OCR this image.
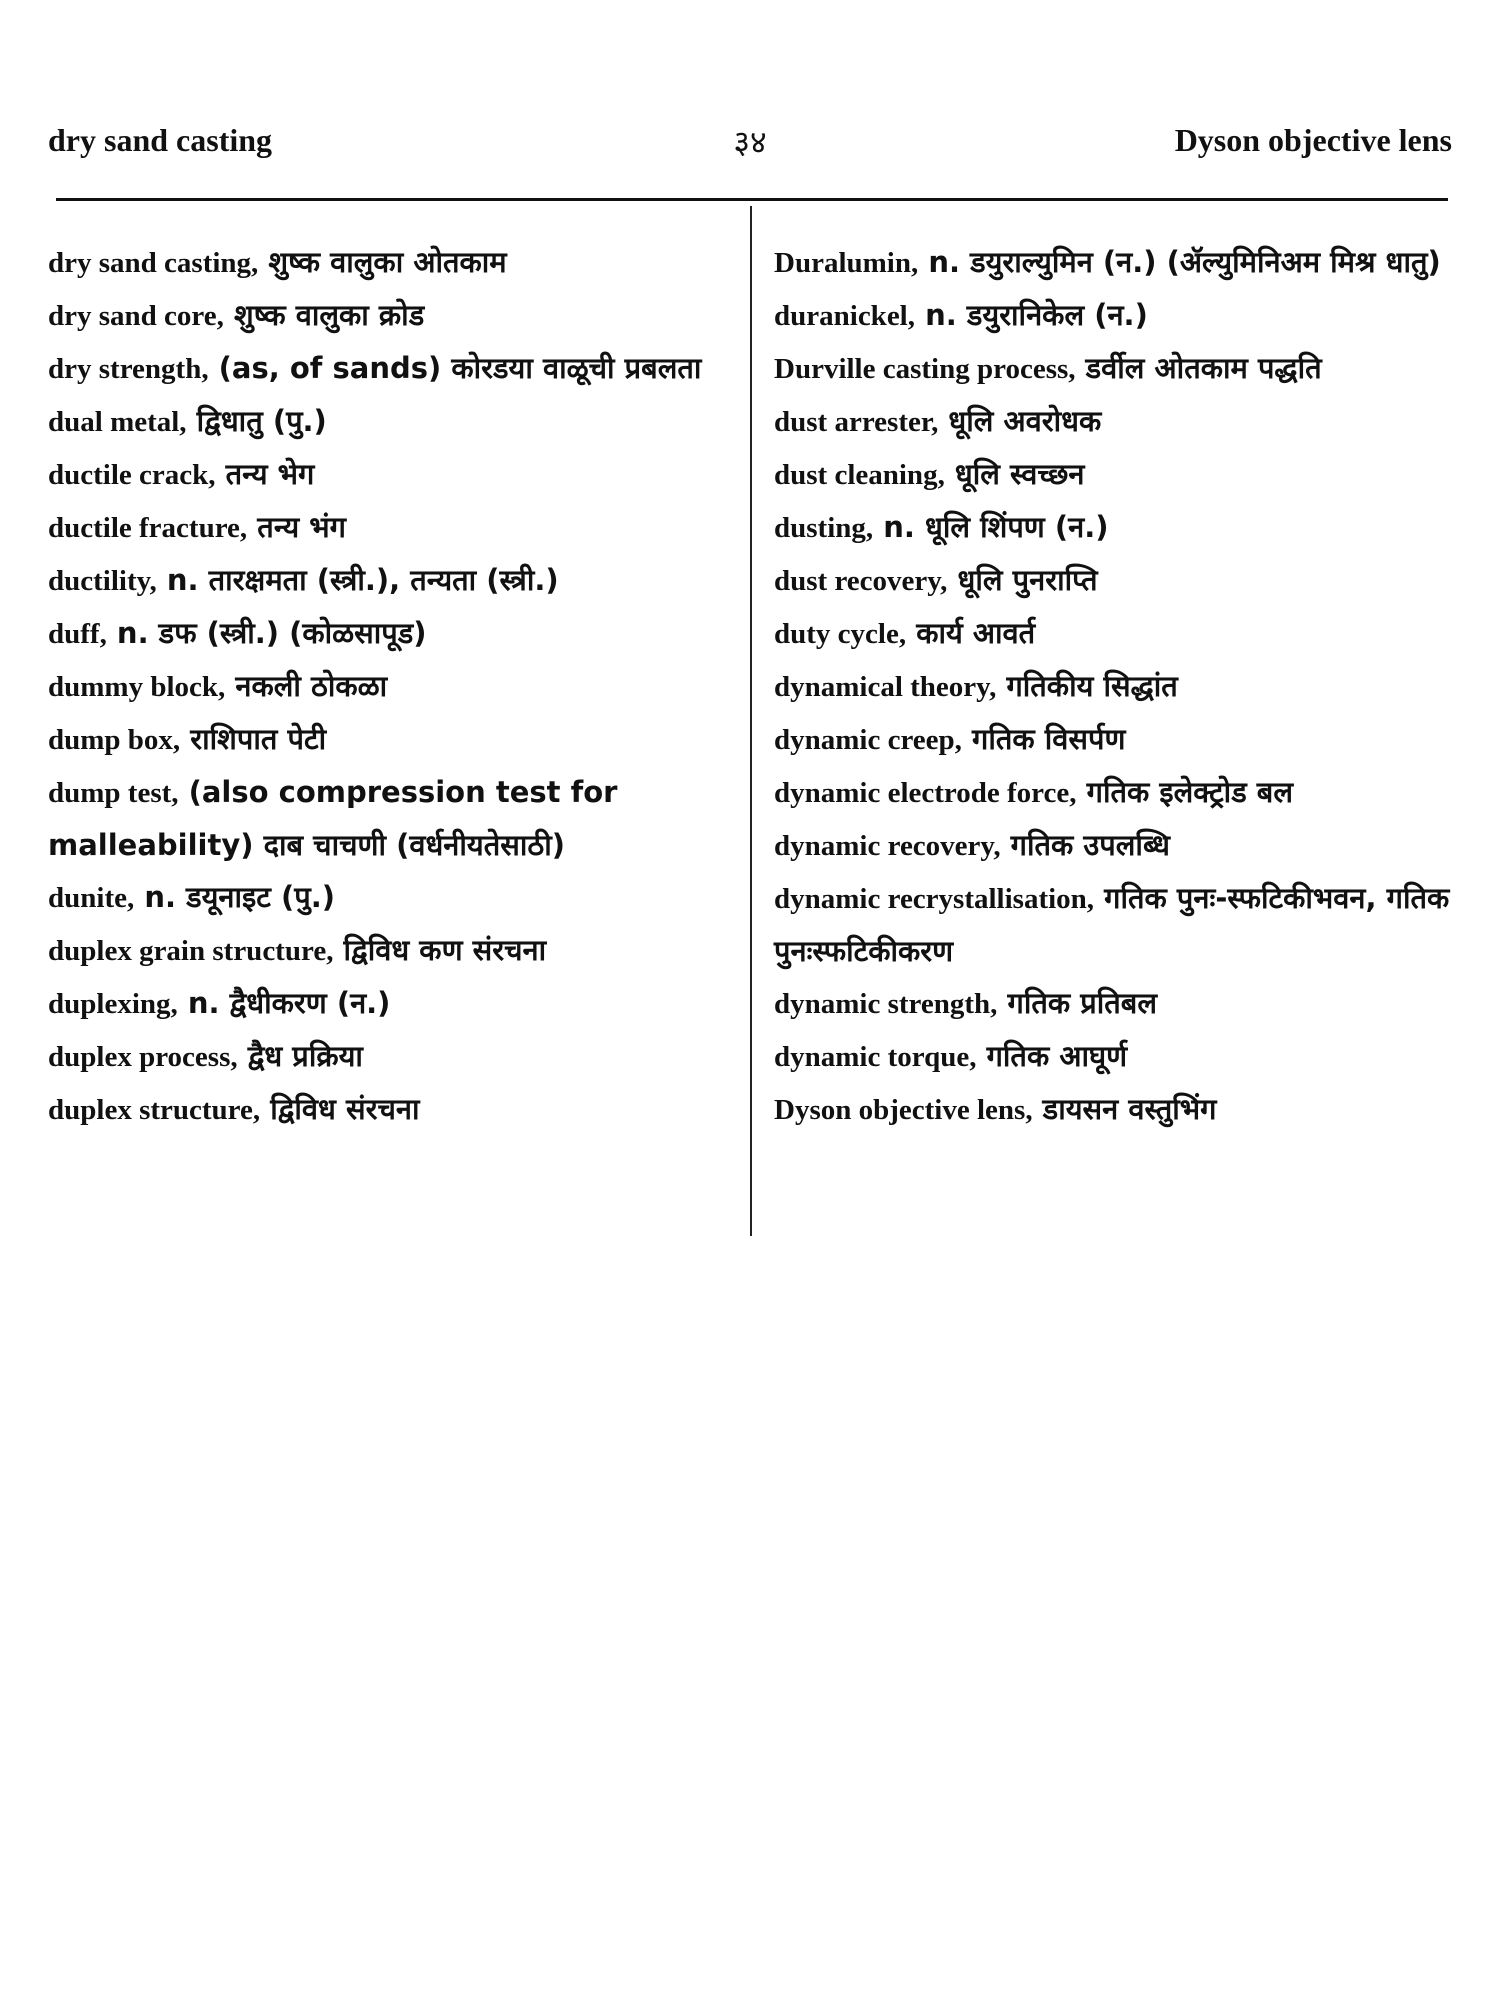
dry sand casting	३४	Dyson objective lens

dry sand casting, शुष्क वालुका ओतकाम

dry sand core, शुष्क वालुका क्रोड

dry strength, (as, of sands) कोरडया वाळूची प्रबलता

dual metal, द्विधातु (पु.)

ductile crack, तन्य भेग

ductile fracture, तन्य भंग

ductility, n. तारक्षमता (स्त्री.), तन्यता (स्त्री.)

duff, n. डफ (स्त्री.) (कोळसापूड)

dummy block, नकली ठोकळा

dump box, राशिपात पेटी

dump test, (also compression test for malleability) दाब चाचणी (वर्धनीयतेसाठी)

dunite, n. डयूनाइट (पु.)

duplex grain structure, द्विविध कण संरचना

duplexing, n. द्वैधीकरण (न.)

duplex process, द्वैध प्रक्रिया

duplex structure, द्विविध संरचना

Duralumin, n. डयुराल्युमिन (न.) (ॲल्युमिनिअम मिश्र धातु)

duranickel, n. डयुरानिकेल (न.)

Durville casting process, डर्वील ओतकाम पद्धति

dust arrester, धूलि अवरोधक

dust cleaning, धूलि स्वच्छन

dusting, n. धूलि शिंपण (न.)

dust recovery, धूलि पुनराप्ति

duty cycle, कार्य आवर्त

dynamical theory, गतिकीय सिद्धांत

dynamic creep, गतिक विसर्पण

dynamic electrode force, गतिक इलेक्ट्रोड बल

dynamic recovery, गतिक उपलब्धि

dynamic recrystallisation, गतिक पुनः-स्फटिकीभवन, गतिक पुनःस्फटिकीकरण

dynamic strength, गतिक प्रतिबल

dynamic torque, गतिक आघूर्ण

Dyson objective lens, डायसन वस्तुभिंग
